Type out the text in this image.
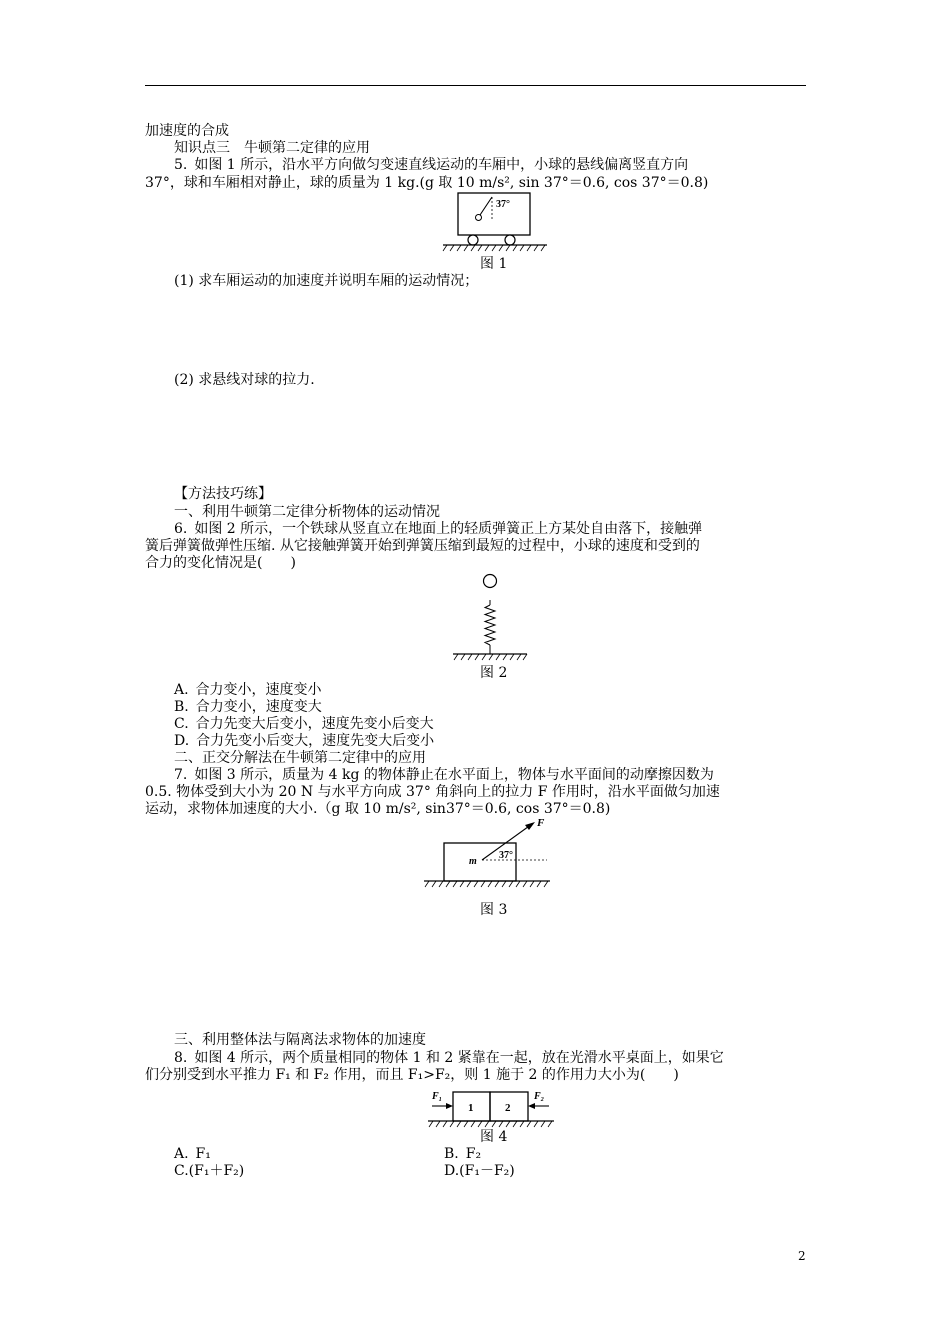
加速度的合成
知识点三　牛顿第二定律的应用
5. 如图 1 所示，沿水平方向做匀变速直线运动的车厢中，小球的悬线偏离竖直方向
37°，球和车厢相对静止，球的质量为 1 kg.(g 取 10 m/s², sin 37°＝0.6, cos 37°＝0.8)
37°
图 1
(1) 求车厢运动的加速度并说明车厢的运动情况；
(2) 求悬线对球的拉力.
【方法技巧练】
一、利用牛顿第二定律分析物体的运动情况
6. 如图 2 所示，一个铁球从竖直立在地面上的轻质弹簧正上方某处自由落下，接触弹
簧后弹簧做弹性压缩. 从它接触弹簧开始到弹簧压缩到最短的过程中，小球的速度和受到的
合力的变化情况是(  )
图 2
A. 合力变小，速度变小
B. 合力变小，速度变大
C. 合力先变大后变小，速度先变小后变大
D. 合力先变小后变大，速度先变大后变小
二、正交分解法在牛顿第二定律中的应用
7. 如图 3 所示，质量为 4 kg 的物体静止在水平面上，物体与水平面间的动摩擦因数为
0.5. 物体受到大小为 20 N 与水平方向成 37° 角斜向上的拉力 F 作用时，沿水平面做匀加速
运动，求物体加速度的大小.（g 取 10 m/s², sin37°＝0.6, cos 37°＝0.8)
F
m
37°
图 3
三、利用整体法与隔离法求物体的加速度
8. 如图 4 所示，两个质量相同的物体 1 和 2 紧靠在一起，放在光滑水平桌面上，如果它
们分别受到水平推力 F₁ 和 F₂ 作用，而且 F₁>F₂，则 1 施于 2 的作用力大小为(  )
1	2
F₁	F₂
图 4
A. F₁	B. F₂
C.(F₁＋F₂)	D.(F₁－F₂)
2
